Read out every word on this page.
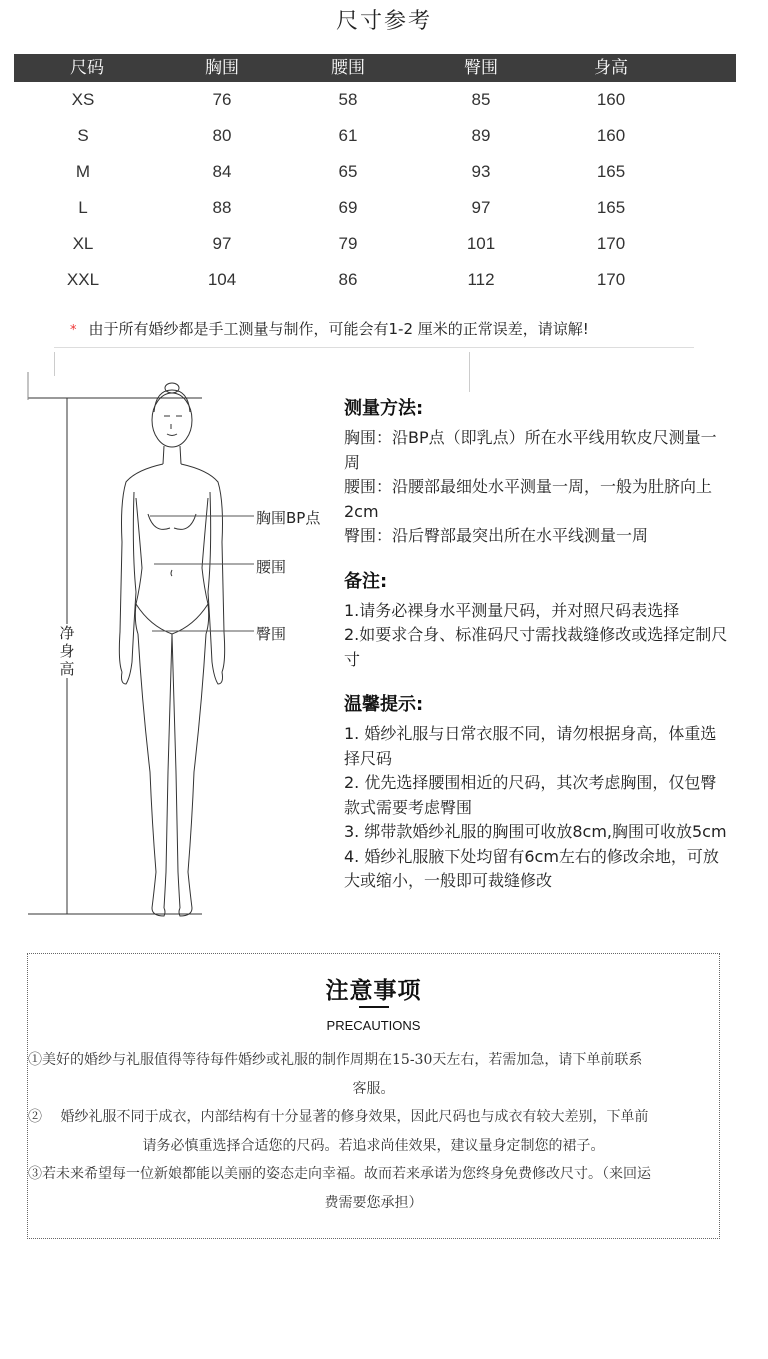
尺寸参考
尺码	胸围	腰围	臀围	身高
XS	76	58	85	160
S	80	61	89	160
M	84	65	93	165
L	88	69	97	165
XL	97	79	101	170
XXL	104	86	112	170
* 由于所有婚纱都是手工测量与制作，可能会有1-2 厘米的正常误差，请谅解!
胸围BP点
腰围
臀围
净
身
高
测量方法:

胸围：沿BP点（即乳点）所在水平线用软皮尺测量一周

腰围：沿腰部最细处水平测量一周，一般为肚脐向上2cm

臀围：沿后臀部最突出所在水平线测量一周

备注:

1.请务必裸身水平测量尺码，并对照尺码表选择

2.如要求合身、标准码尺寸需找裁缝修改或选择定制尺寸

温馨提示:

1. 婚纱礼服与日常衣服不同，请勿根据身高，体重选择尺码

2. 优先选择腰围相近的尺码，其次考虑胸围，仅包臀款式需要考虑臀围

3. 绑带款婚纱礼服的胸围可收放8cm,胸围可收放5cm

4. 婚纱礼服腋下处均留有6cm左右的修改余地，可放大或缩小，一般即可裁缝修改

注意事项
PRECAUTIONS

①美好的婚纱与礼服值得等待每件婚纱或礼服的制作周期在15-30天左右，若需加急，请下单前联系
客服。

②　 婚纱礼服不同于成衣，内部结构有十分显著的修身效果，因此尺码也与成衣有较大差别，下单前
请务必慎重选择合适您的尺码。若追求尚佳效果，建议量身定制您的裙子。

③若未来希望每一位新娘都能以美丽的姿态走向幸福。故而若来承诺为您终身免费修改尺寸。（来回运
费需要您承担）
